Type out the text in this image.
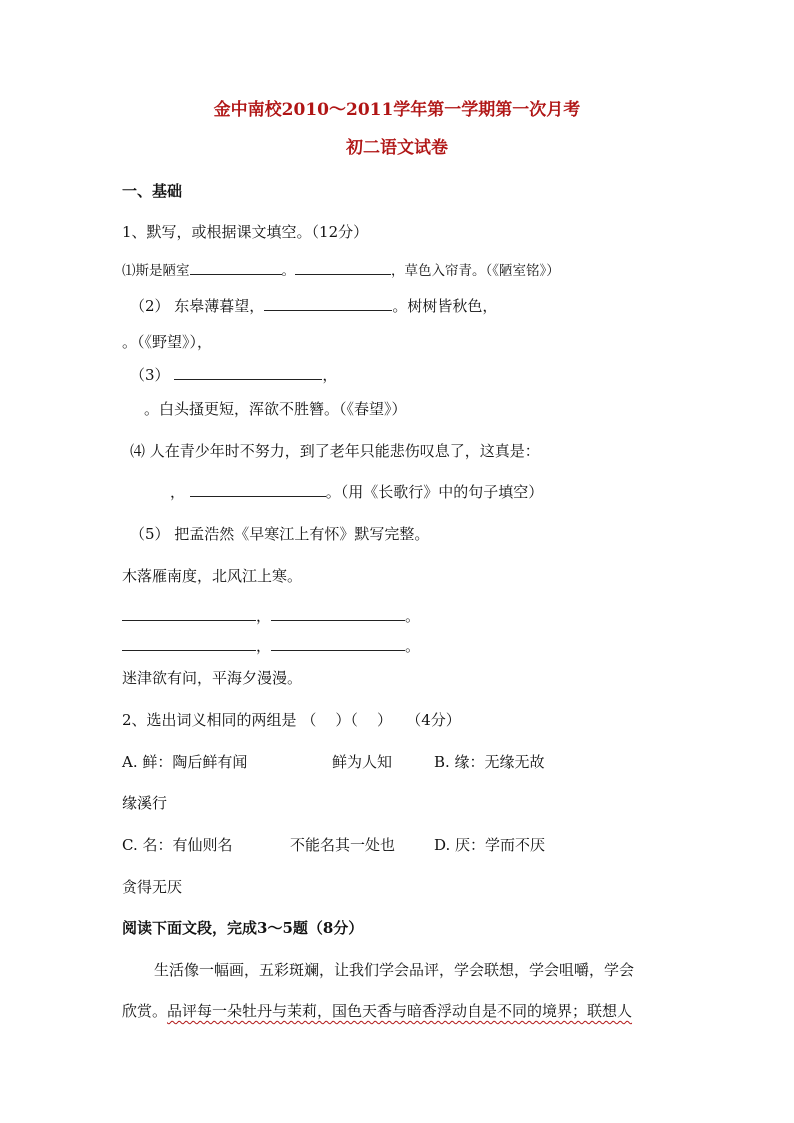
金中南校2010～2011学年第一学期第一次月考
初二语文试卷
一、基础
1、默写，或根据课文填空。（12分）
⑴斯是陋室	。	，草色入帘青。（《陋室铭》）
（2） 东皋薄暮望，	。树树皆秋色，
。（《野望》），
（3）	，
。白头搔更短，浑欲不胜簪。（《春望》）
⑷ 人在青少年时不努力，到了老年只能悲伤叹息了，这真是：
，	。（用《长歌行》中的句子填空）
（5） 把孟浩然《早寒江上有怀》默写完整。
木落雁南度，北风江上寒。
，	。
，	。
迷津欲有问，平海夕漫漫。
2、选出词义相同的两组是 （    ）（    ）   （4分）
A. 鲜：陶后鲜有闻	鲜为人知	B. 缘：无缘无故
缘溪行
C. 名：有仙则名	不能名其一处也	D. 厌：学而不厌
贪得无厌
阅读下面文段，完成3～5题（8分）
生活像一幅画，五彩斑斓，让我们学会品评，学会联想，学会咀嚼，学会
欣赏。品评每一朵牡丹与茉莉，国色天香与暗香浮动自是不同的境界；联想人
